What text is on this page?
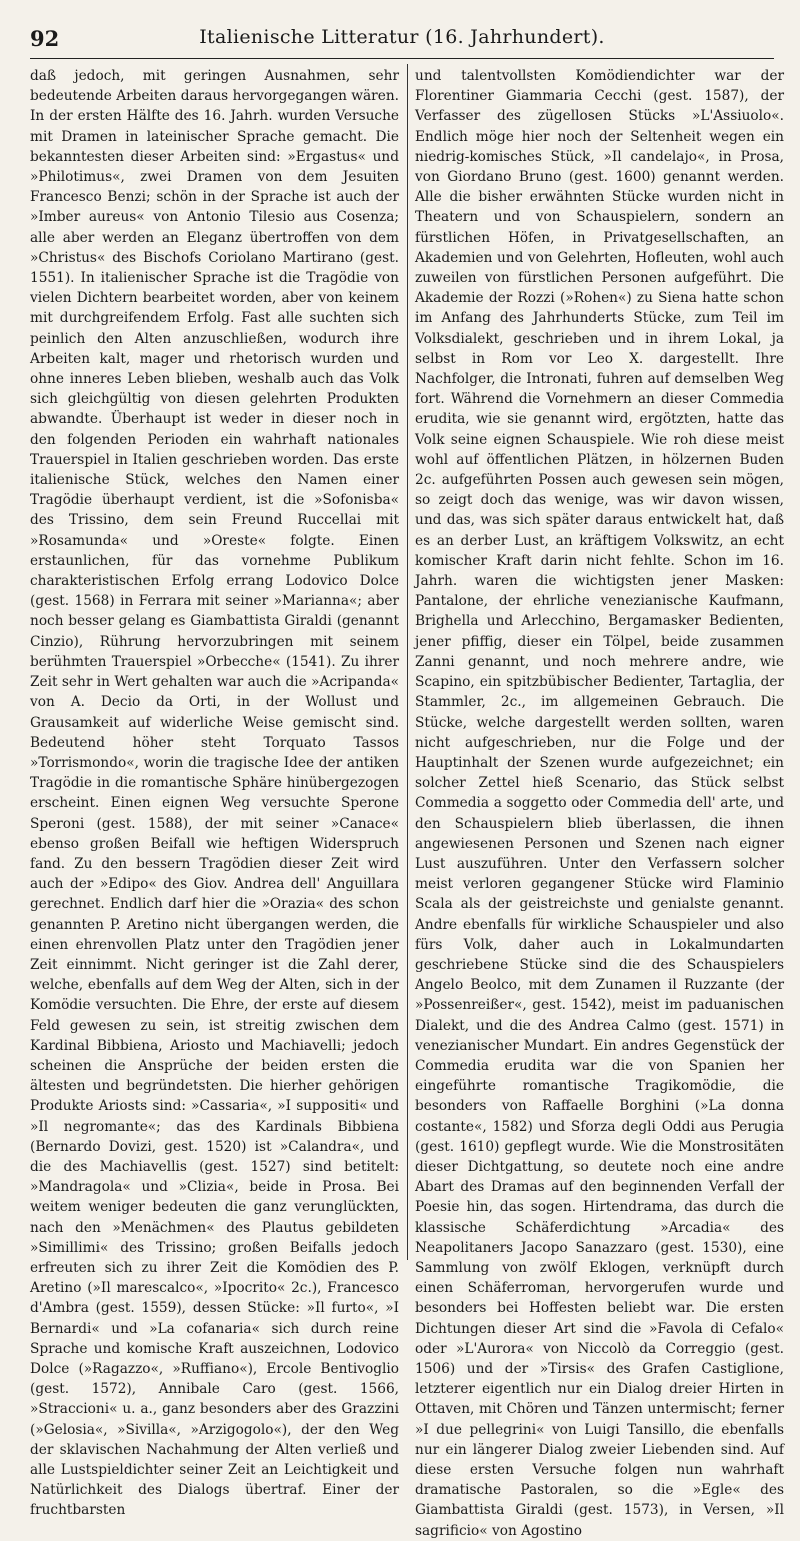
92	Italienische Litteratur (16. Jahrhundert).

daß jedoch, mit geringen Ausnahmen, sehr bedeutende Arbeiten daraus hervorgegangen wären. In der ersten Hälfte des 16. Jahrh. wurden Versuche mit Dramen in lateinischer Sprache gemacht. Die bekanntesten dieser Arbeiten sind: »Ergastus« und »Philotimus«, zwei Dramen von dem Jesuiten Francesco Benzi; schön in der Sprache ist auch der »Imber aureus« von Antonio Tilesio aus Cosenza; alle aber werden an Eleganz übertroffen von dem »Christus« des Bischofs Coriolano Martirano (gest. 1551). In italienischer Sprache ist die Tragödie von vielen Dichtern bearbeitet worden, aber von keinem mit durchgreifendem Erfolg. Fast alle suchten sich peinlich den Alten anzuschließen, wodurch ihre Arbeiten kalt, mager und rhetorisch wurden und ohne inneres Leben blieben, weshalb auch das Volk sich gleichgültig von diesen gelehrten Produkten abwandte. Überhaupt ist weder in dieser noch in den folgenden Perioden ein wahrhaft nationales Trauerspiel in Italien geschrieben worden. Das erste italienische Stück, welches den Namen einer Tragödie überhaupt verdient, ist die »Sofonisba« des Trissino, dem sein Freund Ruccellai mit »Rosamunda« und »Oreste« folgte. Einen erstaunlichen, für das vornehme Publikum charakteristischen Erfolg errang Lodovico Dolce (gest. 1568) in Ferrara mit seiner »Marianna«; aber noch besser gelang es Giambattista Giraldi (genannt Cinzio), Rührung hervorzubringen mit seinem berühmten Trauerspiel »Orbecche« (1541). Zu ihrer Zeit sehr in Wert gehalten war auch die »Acripanda« von A. Decio da Orti, in der Wollust und Grausamkeit auf widerliche Weise gemischt sind. Bedeutend höher steht Torquato Tassos »Torrismondo«, worin die tragische Idee der antiken Tragödie in die romantische Sphäre hinübergezogen erscheint. Einen eignen Weg versuchte Sperone Speroni (gest. 1588), der mit seiner »Canace« ebenso großen Beifall wie heftigen Widerspruch fand. Zu den bessern Tragödien dieser Zeit wird auch der »Edipo« des Giov. Andrea dell' Anguillara gerechnet. Endlich darf hier die »Orazia« des schon genannten P. Aretino nicht übergangen werden, die einen ehrenvollen Platz unter den Tragödien jener Zeit einnimmt. Nicht geringer ist die Zahl derer, welche, ebenfalls auf dem Weg der Alten, sich in der Komödie versuchten. Die Ehre, der erste auf diesem Feld gewesen zu sein, ist streitig zwischen dem Kardinal Bibbiena, Ariosto und Machiavelli; jedoch scheinen die Ansprüche der beiden ersten die ältesten und begründetsten. Die hierher gehörigen Produkte Ariosts sind: »Cassaria«, »I suppositi« und »Il negromante«; das des Kardinals Bibbiena (Bernardo Dovizi, gest. 1520) ist »Calandra«, und die des Machiavellis (gest. 1527) sind betitelt: »Mandragola« und »Clizia«, beide in Prosa. Bei weitem weniger bedeuten die ganz verunglückten, nach den »Menächmen« des Plautus gebildeten »Simillimi« des Trissino; großen Beifalls jedoch erfreuten sich zu ihrer Zeit die Komödien des P. Aretino (»Il marescalco«, »Ipocrito« 2c.), Francesco d'Ambra (gest. 1559), dessen Stücke: »Il furto«, »I Bernardi« und »La cofanaria« sich durch reine Sprache und komische Kraft auszeichnen, Lodovico Dolce (»Ragazzo«, »Ruffiano«), Ercole Bentivoglio (gest. 1572), Annibale Caro (gest. 1566, »Straccioni« u. a., ganz besonders aber des Grazzini (»Gelosia«, »Sivilla«, »Arzigogolo«), der den Weg der sklavischen Nachahmung der Alten verließ und alle Lustspieldichter seiner Zeit an Leichtigkeit und Natürlichkeit des Dialogs übertraf. Einer der fruchtbarsten

und talentvollsten Komödiendichter war der Florentiner Giammaria Cecchi (gest. 1587), der Verfasser des zügellosen Stücks »L'Assiuolo«. Endlich möge hier noch der Seltenheit wegen ein niedrig-komisches Stück, »Il candelajo«, in Prosa, von Giordano Bruno (gest. 1600) genannt werden. Alle die bisher erwähnten Stücke wurden nicht in Theatern und von Schauspielern, sondern an fürstlichen Höfen, in Privatgesellschaften, an Akademien und von Gelehrten, Hofleuten, wohl auch zuweilen von fürstlichen Personen aufgeführt. Die Akademie der Rozzi (»Rohen«) zu Siena hatte schon im Anfang des Jahrhunderts Stücke, zum Teil im Volksdialekt, geschrieben und in ihrem Lokal, ja selbst in Rom vor Leo X. dargestellt. Ihre Nachfolger, die Intronati, fuhren auf demselben Weg fort. Während die Vornehmern an dieser Commedia erudita, wie sie genannt wird, ergötzten, hatte das Volk seine eignen Schauspiele. Wie roh diese meist wohl auf öffentlichen Plätzen, in hölzernen Buden 2c. aufgeführten Possen auch gewesen sein mögen, so zeigt doch das wenige, was wir davon wissen, und das, was sich später daraus entwickelt hat, daß es an derber Lust, an kräftigem Volkswitz, an echt komischer Kraft darin nicht fehlte. Schon im 16. Jahrh. waren die wichtigsten jener Masken: Pantalone, der ehrliche venezianische Kaufmann, Brighella und Arlecchino, Bergamasker Bedienten, jener pfiffig, dieser ein Tölpel, beide zusammen Zanni genannt, und noch mehrere andre, wie Scapino, ein spitzbübischer Bedienter, Tartaglia, der Stammler, 2c., im allgemeinen Gebrauch. Die Stücke, welche dargestellt werden sollten, waren nicht aufgeschrieben, nur die Folge und der Hauptinhalt der Szenen wurde aufgezeichnet; ein solcher Zettel hieß Scenario, das Stück selbst Commedia a soggetto oder Commedia dell' arte, und den Schauspielern blieb überlassen, die ihnen angewiesenen Personen und Szenen nach eigner Lust auszuführen. Unter den Verfassern solcher meist verloren gegangener Stücke wird Flaminio Scala als der geistreichste und genialste genannt. Andre ebenfalls für wirkliche Schauspieler und also fürs Volk, daher auch in Lokalmundarten geschriebene Stücke sind die des Schauspielers Angelo Beolco, mit dem Zunamen il Ruzzante (der »Possenreißer«, gest. 1542), meist im paduanischen Dialekt, und die des Andrea Calmo (gest. 1571) in venezianischer Mundart. Ein andres Gegenstück der Commedia erudita war die von Spanien her eingeführte romantische Tragikomödie, die besonders von Raffaelle Borghini (»La donna costante«, 1582) und Sforza degli Oddi aus Perugia (gest. 1610) gepflegt wurde. Wie die Monstrositäten dieser Dichtgattung, so deutete noch eine andre Abart des Dramas auf den beginnenden Verfall der Poesie hin, das sogen. Hirtendrama, das durch die klassische Schäferdichtung »Arcadia« des Neapolitaners Jacopo Sanazzaro (gest. 1530), eine Sammlung von zwölf Eklogen, verknüpft durch einen Schäferroman, hervorgerufen wurde und besonders bei Hoffesten beliebt war. Die ersten Dichtungen dieser Art sind die »Favola di Cefalo« oder »L'Aurora« von Niccolò da Correggio (gest. 1506) und der »Tirsis« des Grafen Castiglione, letzterer eigentlich nur ein Dialog dreier Hirten in Ottaven, mit Chören und Tänzen untermischt; ferner »I due pellegrini« von Luigi Tansillo, die ebenfalls nur ein längerer Dialog zweier Liebenden sind. Auf diese ersten Versuche folgen nun wahrhaft dramatische Pastoralen, so die »Egle« des Giambattista Giraldi (gest. 1573), in Versen, »Il sagrificio« von Agostino
